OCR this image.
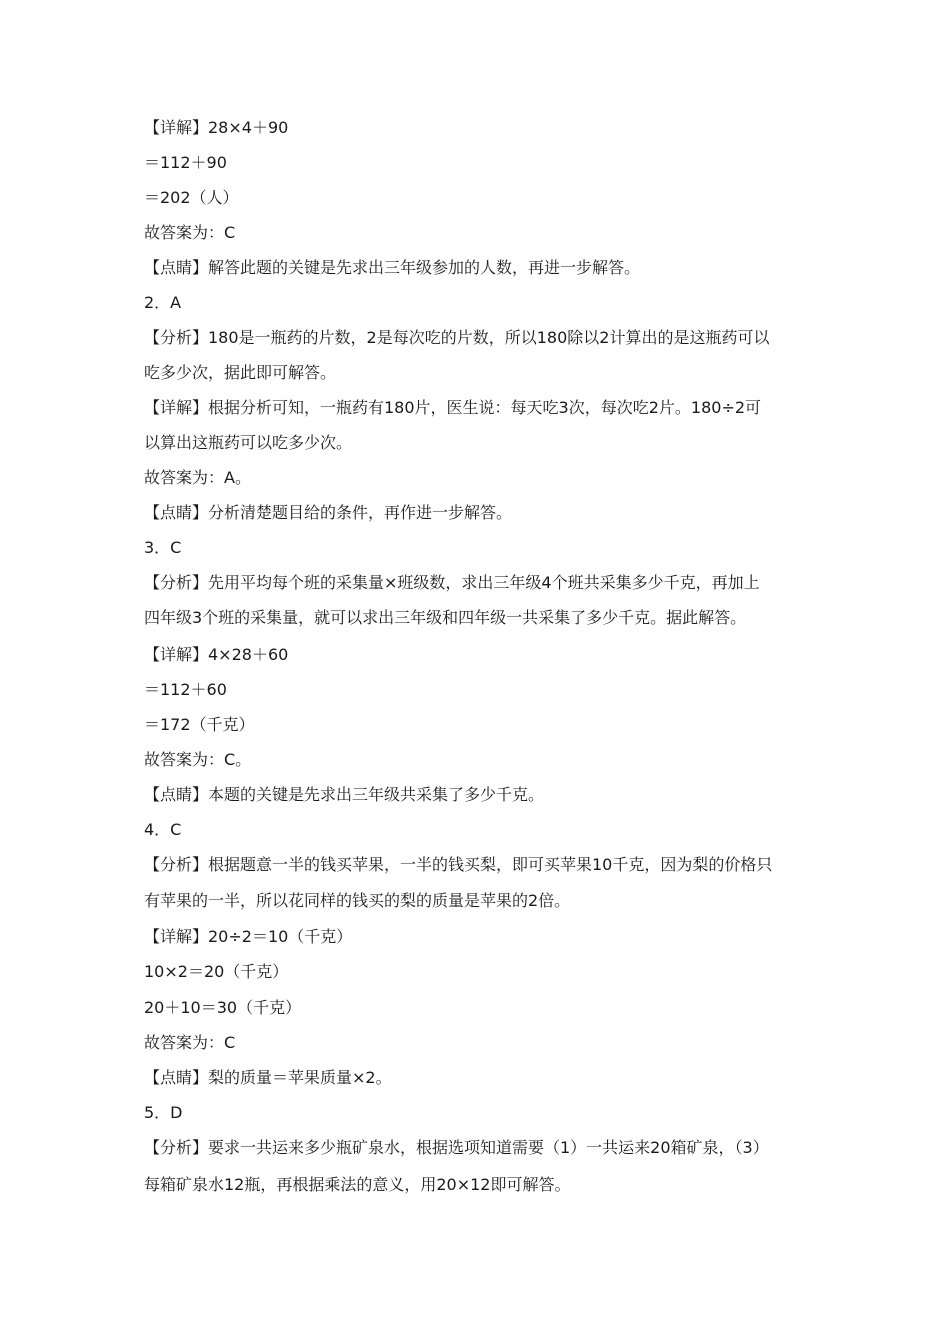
【详解】28×4＋90
＝112＋90
＝202（人）
故答案为：C
【点睛】解答此题的关键是先求出三年级参加的人数，再进一步解答。
2．A
【分析】180是一瓶药的片数，2是每次吃的片数，所以180除以2计算出的是这瓶药可以
吃多少次，据此即可解答。
【详解】根据分析可知，一瓶药有180片，医生说：每天吃3次，每次吃2片。180÷2可
以算出这瓶药可以吃多少次。
故答案为：A。
【点睛】分析清楚题目给的条件，再作进一步解答。
3．C
【分析】先用平均每个班的采集量×班级数，求出三年级4个班共采集多少千克，再加上
四年级3个班的采集量，就可以求出三年级和四年级一共采集了多少千克。据此解答。
【详解】4×28＋60
＝112＋60
＝172（千克）
故答案为：C。
【点睛】本题的关键是先求出三年级共采集了多少千克。
4．C
【分析】根据题意一半的钱买苹果，一半的钱买梨，即可买苹果10千克，因为梨的价格只
有苹果的一半，所以花同样的钱买的梨的质量是苹果的2倍。
【详解】20÷2＝10（千克）
10×2＝20（千克）
20＋10＝30（千克）
故答案为：C
【点睛】梨的质量＝苹果质量×2。
5．D
【分析】要求一共运来多少瓶矿泉水，根据选项知道需要（1）一共运来20箱矿泉，（3）
每箱矿泉水12瓶，再根据乘法的意义，用20×12即可解答。
